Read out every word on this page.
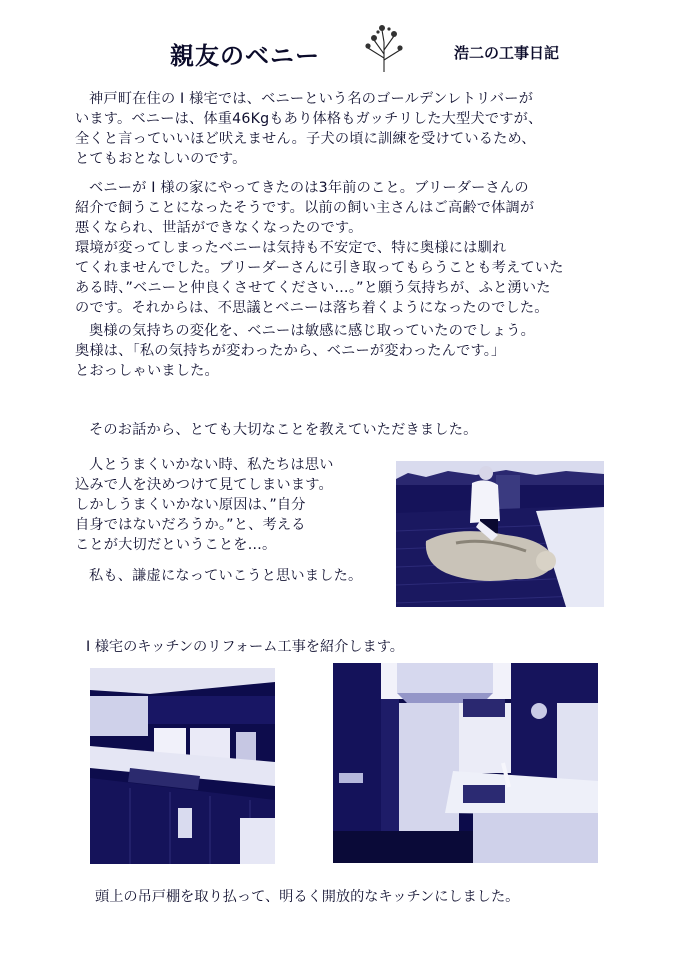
親友のベニー	浩二の工事日記
神戸町在住の I 様宅では、ベニーという名のゴールデンレトリバーが
います。ベニーは、体重46Kgもあり体格もガッチリした大型犬ですが、
全くと言っていいほど吠えません。子犬の頃に訓練を受けているため、
とてもおとなしいのです。
ベニーが I 様の家にやってきたのは3年前のこと。ブリーダーさんの
紹介で飼うことになったそうです。以前の飼い主さんはご高齢で体調が
悪くなられ、世話ができなくなったのです。
環境が変ってしまったベニーは気持も不安定で、特に奥様には馴れ
てくれませんでした。ブリーダーさんに引き取ってもらうことも考えていた
ある時、”ベニーと仲良くさせてください…。”と願う気持ちが、ふと湧いた
のです。それからは、不思議とベニーは落ち着くようになったのでした。
奥様の気持ちの変化を、ベニーは敏感に感じ取っていたのでしょう。
奥様は、「私の気持ちが変わったから、ベニーが変わったんです。」
とおっしゃいました。
そのお話から、とても大切なことを教えていただきました。
人とうまくいかない時、私たちは思い
込みで人を決めつけて見てしまいます。
しかしうまくいかない原因は、”自分
自身ではないだろうか。”と、考える
ことが大切だということを…。
私も、謙虚になっていこうと思いました。
I 様宅のキッチンのリフォーム工事を紹介します。
頭上の吊戸棚を取り払って、明るく開放的なキッチンにしました。
